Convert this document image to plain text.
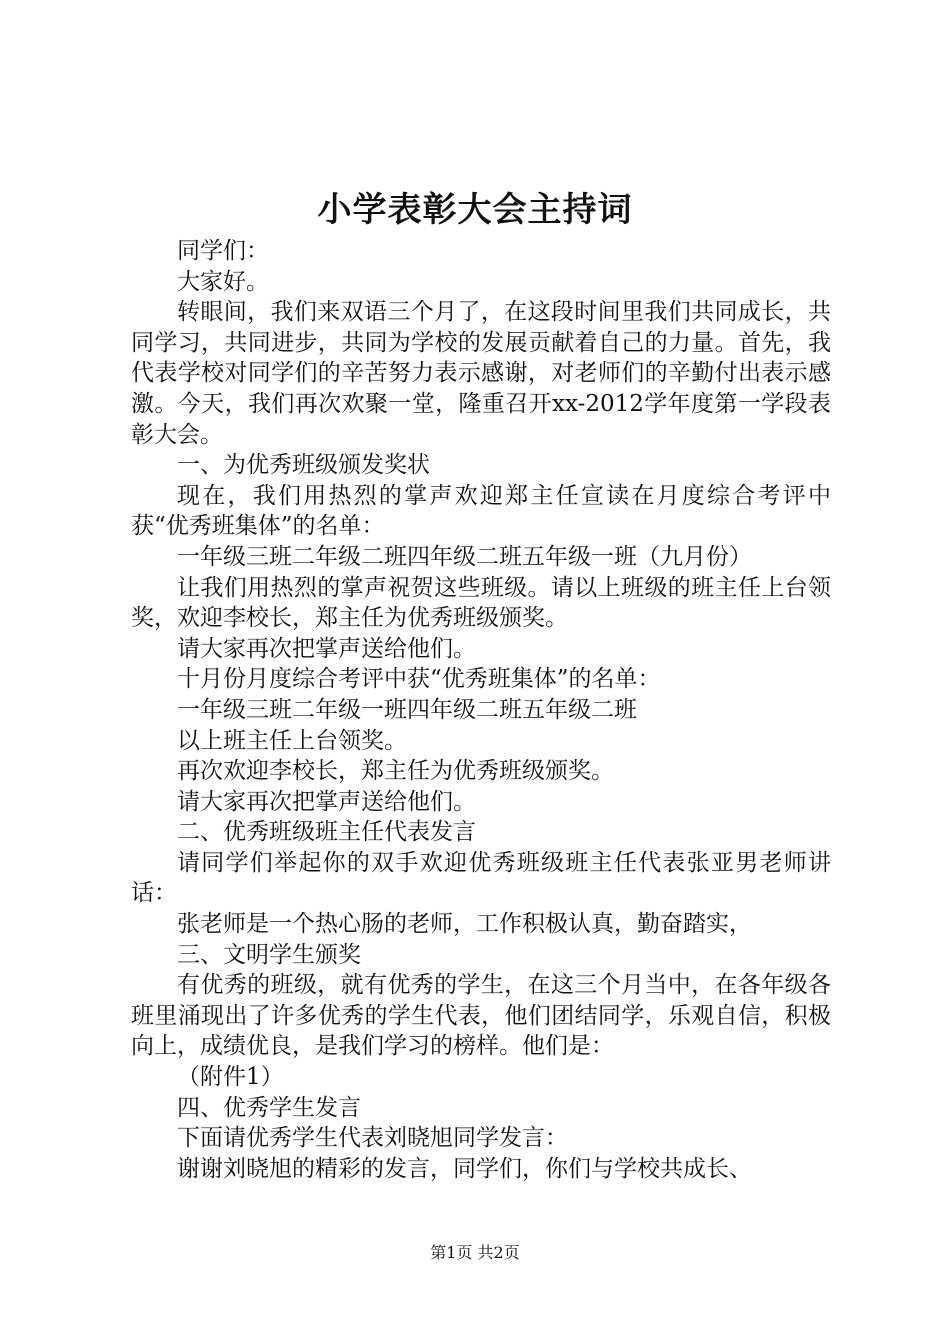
小学表彰大会主持词

同学们：

大家好。

转眼间，我们来双语三个月了，在这段时间里我们共同成长，共同学习，共同进步，共同为学校的发展贡献着自己的力量。首先，我代表学校对同学们的辛苦努力表示感谢，对老师们的辛勤付出表示感激。今天，我们再次欢聚一堂，隆重召开xx-2012学年度第一学段表彰大会。

一、为优秀班级颁发奖状

现在，我们用热烈的掌声欢迎郑主任宣读在月度综合考评中获“优秀班集体”的名单：

一年级三班二年级二班四年级二班五年级一班（九月份）

让我们用热烈的掌声祝贺这些班级。请以上班级的班主任上台领奖，欢迎李校长，郑主任为优秀班级颁奖。

请大家再次把掌声送给他们。

十月份月度综合考评中获“优秀班集体”的名单：

一年级三班二年级一班四年级二班五年级二班

以上班主任上台领奖。

再次欢迎李校长，郑主任为优秀班级颁奖。

请大家再次把掌声送给他们。

二、优秀班级班主任代表发言

请同学们举起你的双手欢迎优秀班级班主任代表张亚男老师讲话：

张老师是一个热心肠的老师，工作积极认真，勤奋踏实，

三、文明学生颁奖

有优秀的班级，就有优秀的学生，在这三个月当中，在各年级各班里涌现出了许多优秀的学生代表，他们团结同学，乐观自信，积极向上，成绩优良，是我们学习的榜样。他们是：

（附件1）

四、优秀学生发言

下面请优秀学生代表刘晓旭同学发言：

谢谢刘晓旭的精彩的发言，同学们，你们与学校共成长、

第1页 共2页
